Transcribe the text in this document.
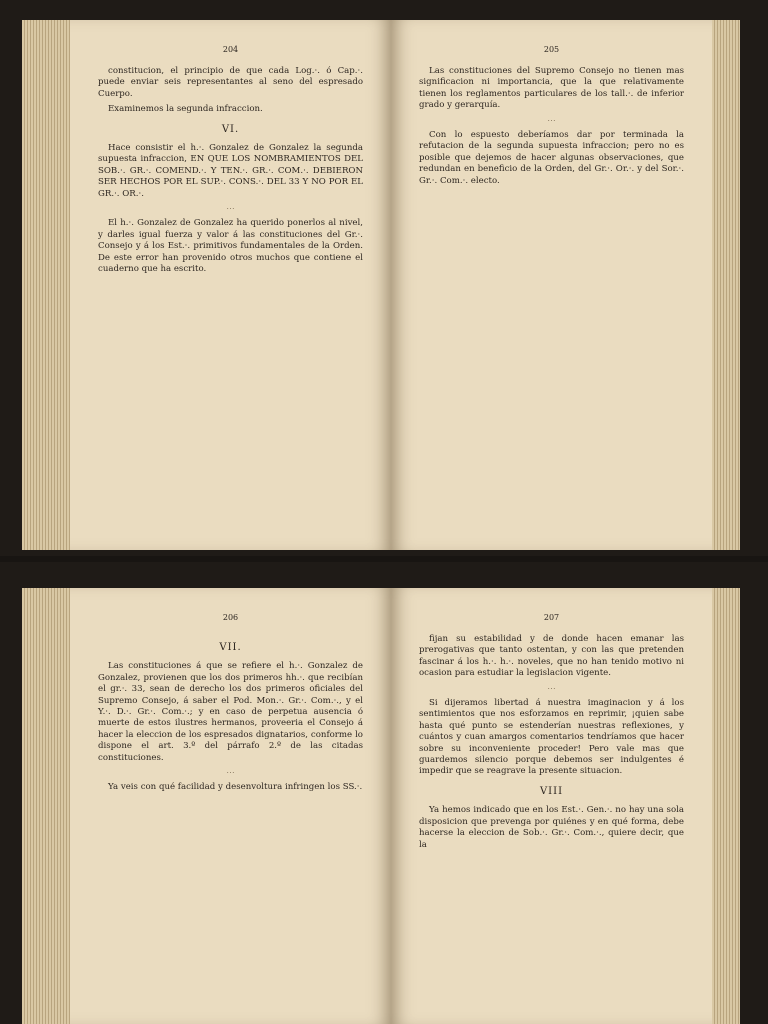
204

constitucion, el principio de que cada Log.·. ó Cap.·. puede enviar seis representantes al seno del espresado Cuerpo.

Examinemos la segunda infraccion.

VI.

Hace consistir el h.·. Gonzalez de Gonzalez la segunda supuesta infraccion, EN QUE LOS NOMBRAMIENTOS DEL SOB.·. GR.·. COMEND.·. Y TEN.·. GR.·. COM.·. DEBIERON SER HECHOS POR EL SUP.·. CONS.·. DEL 33 Y NO POR EL GR.·. OR.·.

⋯

El h.·. Gonzalez de Gonzalez ha querido ponerlos al nivel, y darles igual fuerza y valor á las constituciones del Gr.·. Consejo y á los Est.·. primitivos fundamentales de la Orden. De este error han provenido otros muchos que contiene el cuaderno que ha escrito.

205

Las constituciones del Supremo Consejo no tienen mas significacion ni importancia, que la que relativamente tienen los reglamentos particulares de los tall.·. de inferior grado y gerarquía.

⋯

Con lo espuesto deberíamos dar por terminada la refutacion de la segunda supuesta infraccion; pero no es posible que dejemos de hacer algunas observaciones, que redundan en beneficio de la Orden, del Gr.·. Or.·. y del Sor.·. Gr.·. Com.·. electo.

206
VII.

Las constituciones á que se refiere el h.·. Gonzalez de Gonzalez, provienen que los dos primeros hh.·. que recibían el gr.·. 33, sean de derecho los dos primeros oficiales del Supremo Consejo, á saber el Pod. Mon.·. Gr.·. Com.·., y el Y.·. D.·. Gr.·. Com.·.; y en caso de perpetua ausencia ó muerte de estos ilustres hermanos, proveeria el Consejo á hacer la eleccion de los espresados dignatarios, conforme lo dispone el art. 3.º del párrafo 2.º de las citadas constituciones.

⋯

Ya veis con qué facilidad y desenvoltura infringen los SS.·.

207

fijan su estabilidad y de donde hacen emanar las prerogativas que tanto ostentan, y con las que pretenden fascinar á los h.·. h.·. noveles, que no han tenido motivo ni ocasion para estudiar la legislacion vigente.

⋯

Si dijeramos libertad á nuestra imaginacion y á los sentimientos que nos esforzamos en reprimir, ¡quien sabe hasta qué punto se estenderían nuestras reflexiones, y cuántos y cuan amargos comentarios tendríamos que hacer sobre su inconveniente proceder! Pero vale mas que guardemos silencio porque debemos ser indulgentes é impedir que se reagrave la presente situacion.

VIII

Ya hemos indicado que en los Est.·. Gen.·. no hay una sola disposicion que prevenga por quiénes y en qué forma, debe hacerse la eleccion de Sob.·. Gr.·. Com.·., quiere decir, que la
